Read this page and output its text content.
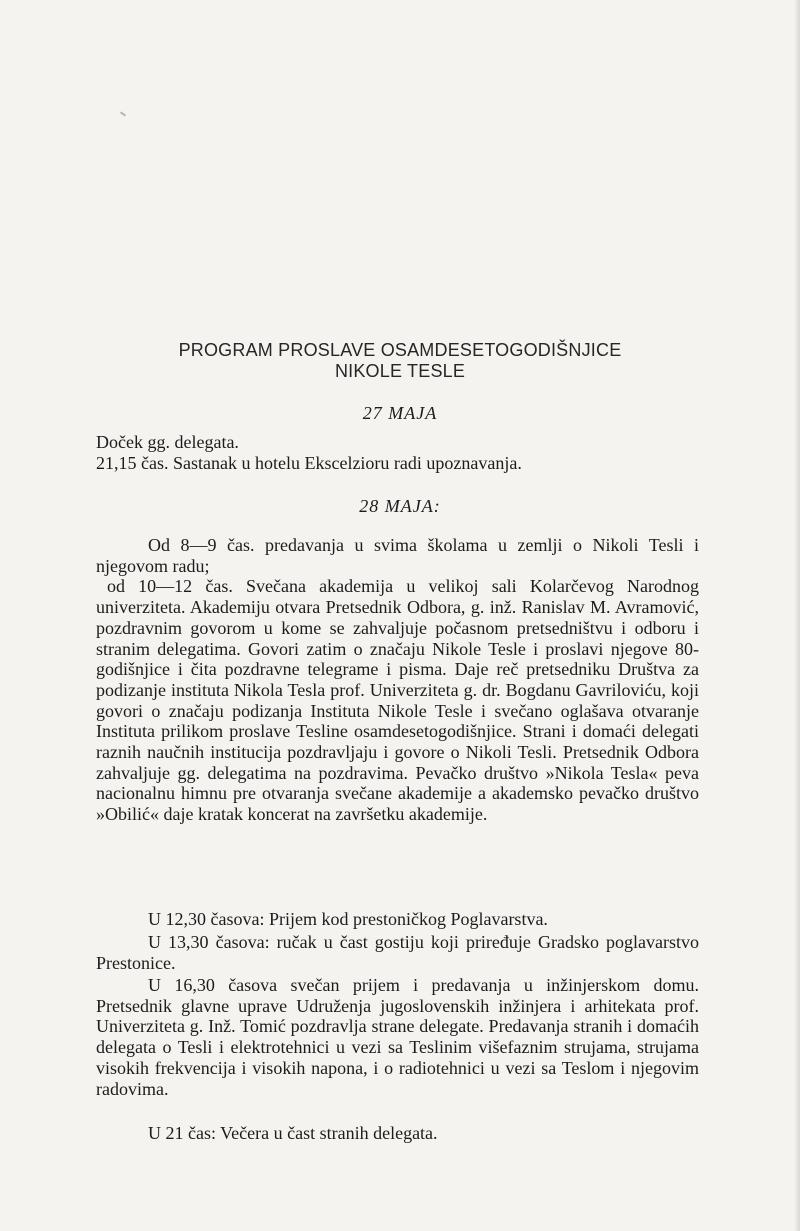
PROGRAM PROSLAVE OSAMDESETOGODIŠNJICE
NIKOLE TESLE
27 MAJA
Doček gg. delegata.
21,15 čas. Sastanak u hotelu Ekscelzioru radi upoznavanja.
28 MAJA:

Od 8—9 čas. predavanja u svima školama u zemlji o Nikoli Tesli i njegovom radu;

od 10—12 čas. Svečana akademija u velikoj sali Kolarčevog Narodnog univerziteta. Akademiju otvara Pretsednik Odbora, g. inž. Ranislav M. Avramović, pozdravnim govorom u kome se zahvaljuje počasnom pretsedništvu i odboru i stranim delegatima. Govori zatim o značaju Nikole Tesle i proslavi njegove 80-godišnjice i čita pozdravne telegrame i pisma. Daje reč pretsedniku Društva za podizanje instituta Nikola Tesla prof. Univerziteta g. dr. Bogdanu Gavriloviću, koji govori o značaju podizanja Instituta Nikole Tesle i svečano oglašava otvaranje Instituta prilikom proslave Tesline osamdesetogodišnjice. Strani i domaći delegati raznih naučnih institucija pozdravljaju i govore o Nikoli Tesli. Pretsednik Odbora zahvaljuje gg. delegatima na pozdravima. Pevačko društvo »Nikola Tesla« peva nacionalnu himnu pre otvaranja svečane akademije a akademsko pevačko društvo »Obilić« daje kratak koncerat na završetku akademije.

U 12,30 časova: Prijem kod prestoničkog Poglavarstva.

U 13,30 časova: ručak u čast gostiju koji priređuje Gradsko poglavarstvo Prestonice.

U 16,30 časova svečan prijem i predavanja u inžinjerskom domu. Pretsednik glavne uprave Udruženja jugoslovenskih inžinjera i arhitekata prof. Univerziteta g. Inž. Tomić pozdravlja strane delegate. Predavanja stranih i domaćih delegata o Tesli i elektrotehnici u vezi sa Teslinim višefaznim strujama, strujama visokih frekvencija i visokih napona, i o radiotehnici u vezi sa Teslom i njegovim radovima.

U 21 čas: Večera u čast stranih delegata.
